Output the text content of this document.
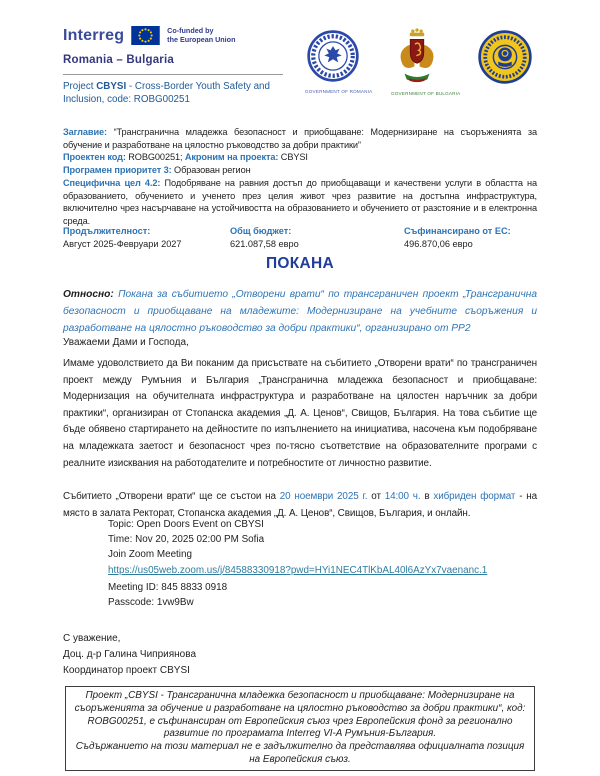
Interreg	Co-funded by
the European Union
Romania – Bulgaria
Project CBYSI - Cross-Border Youth Safety and Inclusion, code: ROBG00251
GOVERNMENT OF ROMANIA	GOVERNMENT OF BULGARIA
Заглавие: “Трансгранична младежка безопасност и приобщаване: Модернизиране на съоръженията за обучение и разработване на цялостно ръководство за добри практики”
Проектен код: ROBG00251; Акроним на проекта: CBYSI
Програмен приоритет 3: Образован регион
Специфична цел 4.2: Подобряване на равния достъп до приобщаващи и качествени услуги в областта на образованието, обучението и ученето през целия живот чрез развитие на достъпна инфраструктура, включително чрез насърчаване на устойчивостта на образованието и обучението от разстояние и в електронна среда.
Продължителност:
Август 2025-Февруари 2027
Общ бюджет:
621.087,58 евро
Съфинансирано от ЕС:
496.870,06 евро
ПОКАНА
Относно: Покана за събитието „Отворени врати“ по трансграничен проект „Трансгранична безопасност и приобщаване на младежите: Модернизиране на учебните съоръжения и разработване на цялостно ръководство за добри практики“, организирано от РР2
Уважаеми Дами и Господа,
Имаме удоволствието да Ви поканим да присъствате на събитието „Отворени врати“ по трансграничен проект между Румъния и България „Трансгранична младежка безопасност и приобщаване: Модернизация на обучителната инфраструктура и разработване на цялостен наръчник за добри практики“, организиран от Стопанска академия „Д. А. Ценов“, Свищов, България. На това събитие ще бъде обявено стартирането на дейностите по изпълнението на инициатива, насочена към подобряване на младежката заетост и безопасност чрез по-тясно съответствие на образователните програми с реалните изисквания на работодателите и потребностите от личностно развитие.
Събитието „Отворени врати“ ще се състои на 20 ноември 2025 г. от 14:00 ч. в хибриден формат - на място в залата Ректорат, Стопанска академия „Д. А. Ценов“, Свищов, България, и онлайн.
Topic: Open Doors Event on CBYSI
Time: Nov 20, 2025 02:00 PM Sofia
Join Zoom Meeting
https://us05web.zoom.us/j/84588330918?pwd=HYi1NEC4TlKbAL40l6AzYx7vaenanc.1
Meeting ID: 845 8833 0918
Passcode: 1vw9Bw
С уважение,
Доц. д-р Галина Чиприянова
Координатор проект CBYSI
Проект „CBYSI - Трансгранична младежка безопасност и приобщаване: Модернизиране на съоръженията за обучение и разработване на цялостно ръководство за добри практики“, код: ROBG00251, е съфинансиран от Европейския съюз чрез Европейския фонд за регионално развитие по програмата Interreg VI-A Румъния-България.
Съдържанието на този материал не е задължително да представлява официалната позиция на Европейския съюз.
